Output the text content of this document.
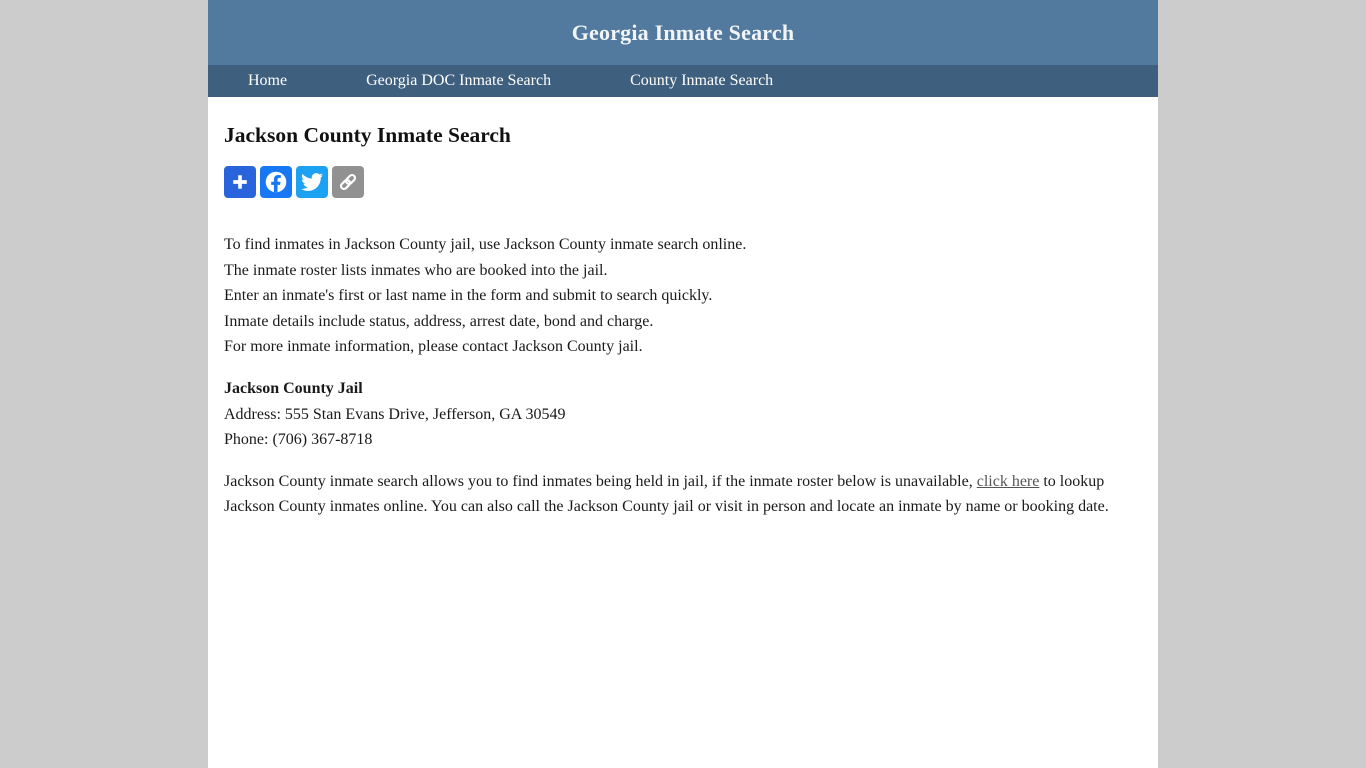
Georgia Inmate Search
Home	Georgia DOC Inmate Search	County Inmate Search
Jackson County Inmate Search

To find inmates in Jackson County jail, use Jackson County inmate search online.
The inmate roster lists inmates who are booked into the jail.
Enter an inmate's first or last name in the form and submit to search quickly.
Inmate details include status, address, arrest date, bond and charge.
For more inmate information, please contact Jackson County jail.

Jackson County Jail
Address: 555 Stan Evans Drive, Jefferson, GA 30549
Phone: (706) 367-8718

Jackson County inmate search allows you to find inmates being held in jail, if the inmate roster below is unavailable, click here to lookup Jackson County inmates online. You can also call the Jackson County jail or visit in person and locate an inmate by name or booking date.
